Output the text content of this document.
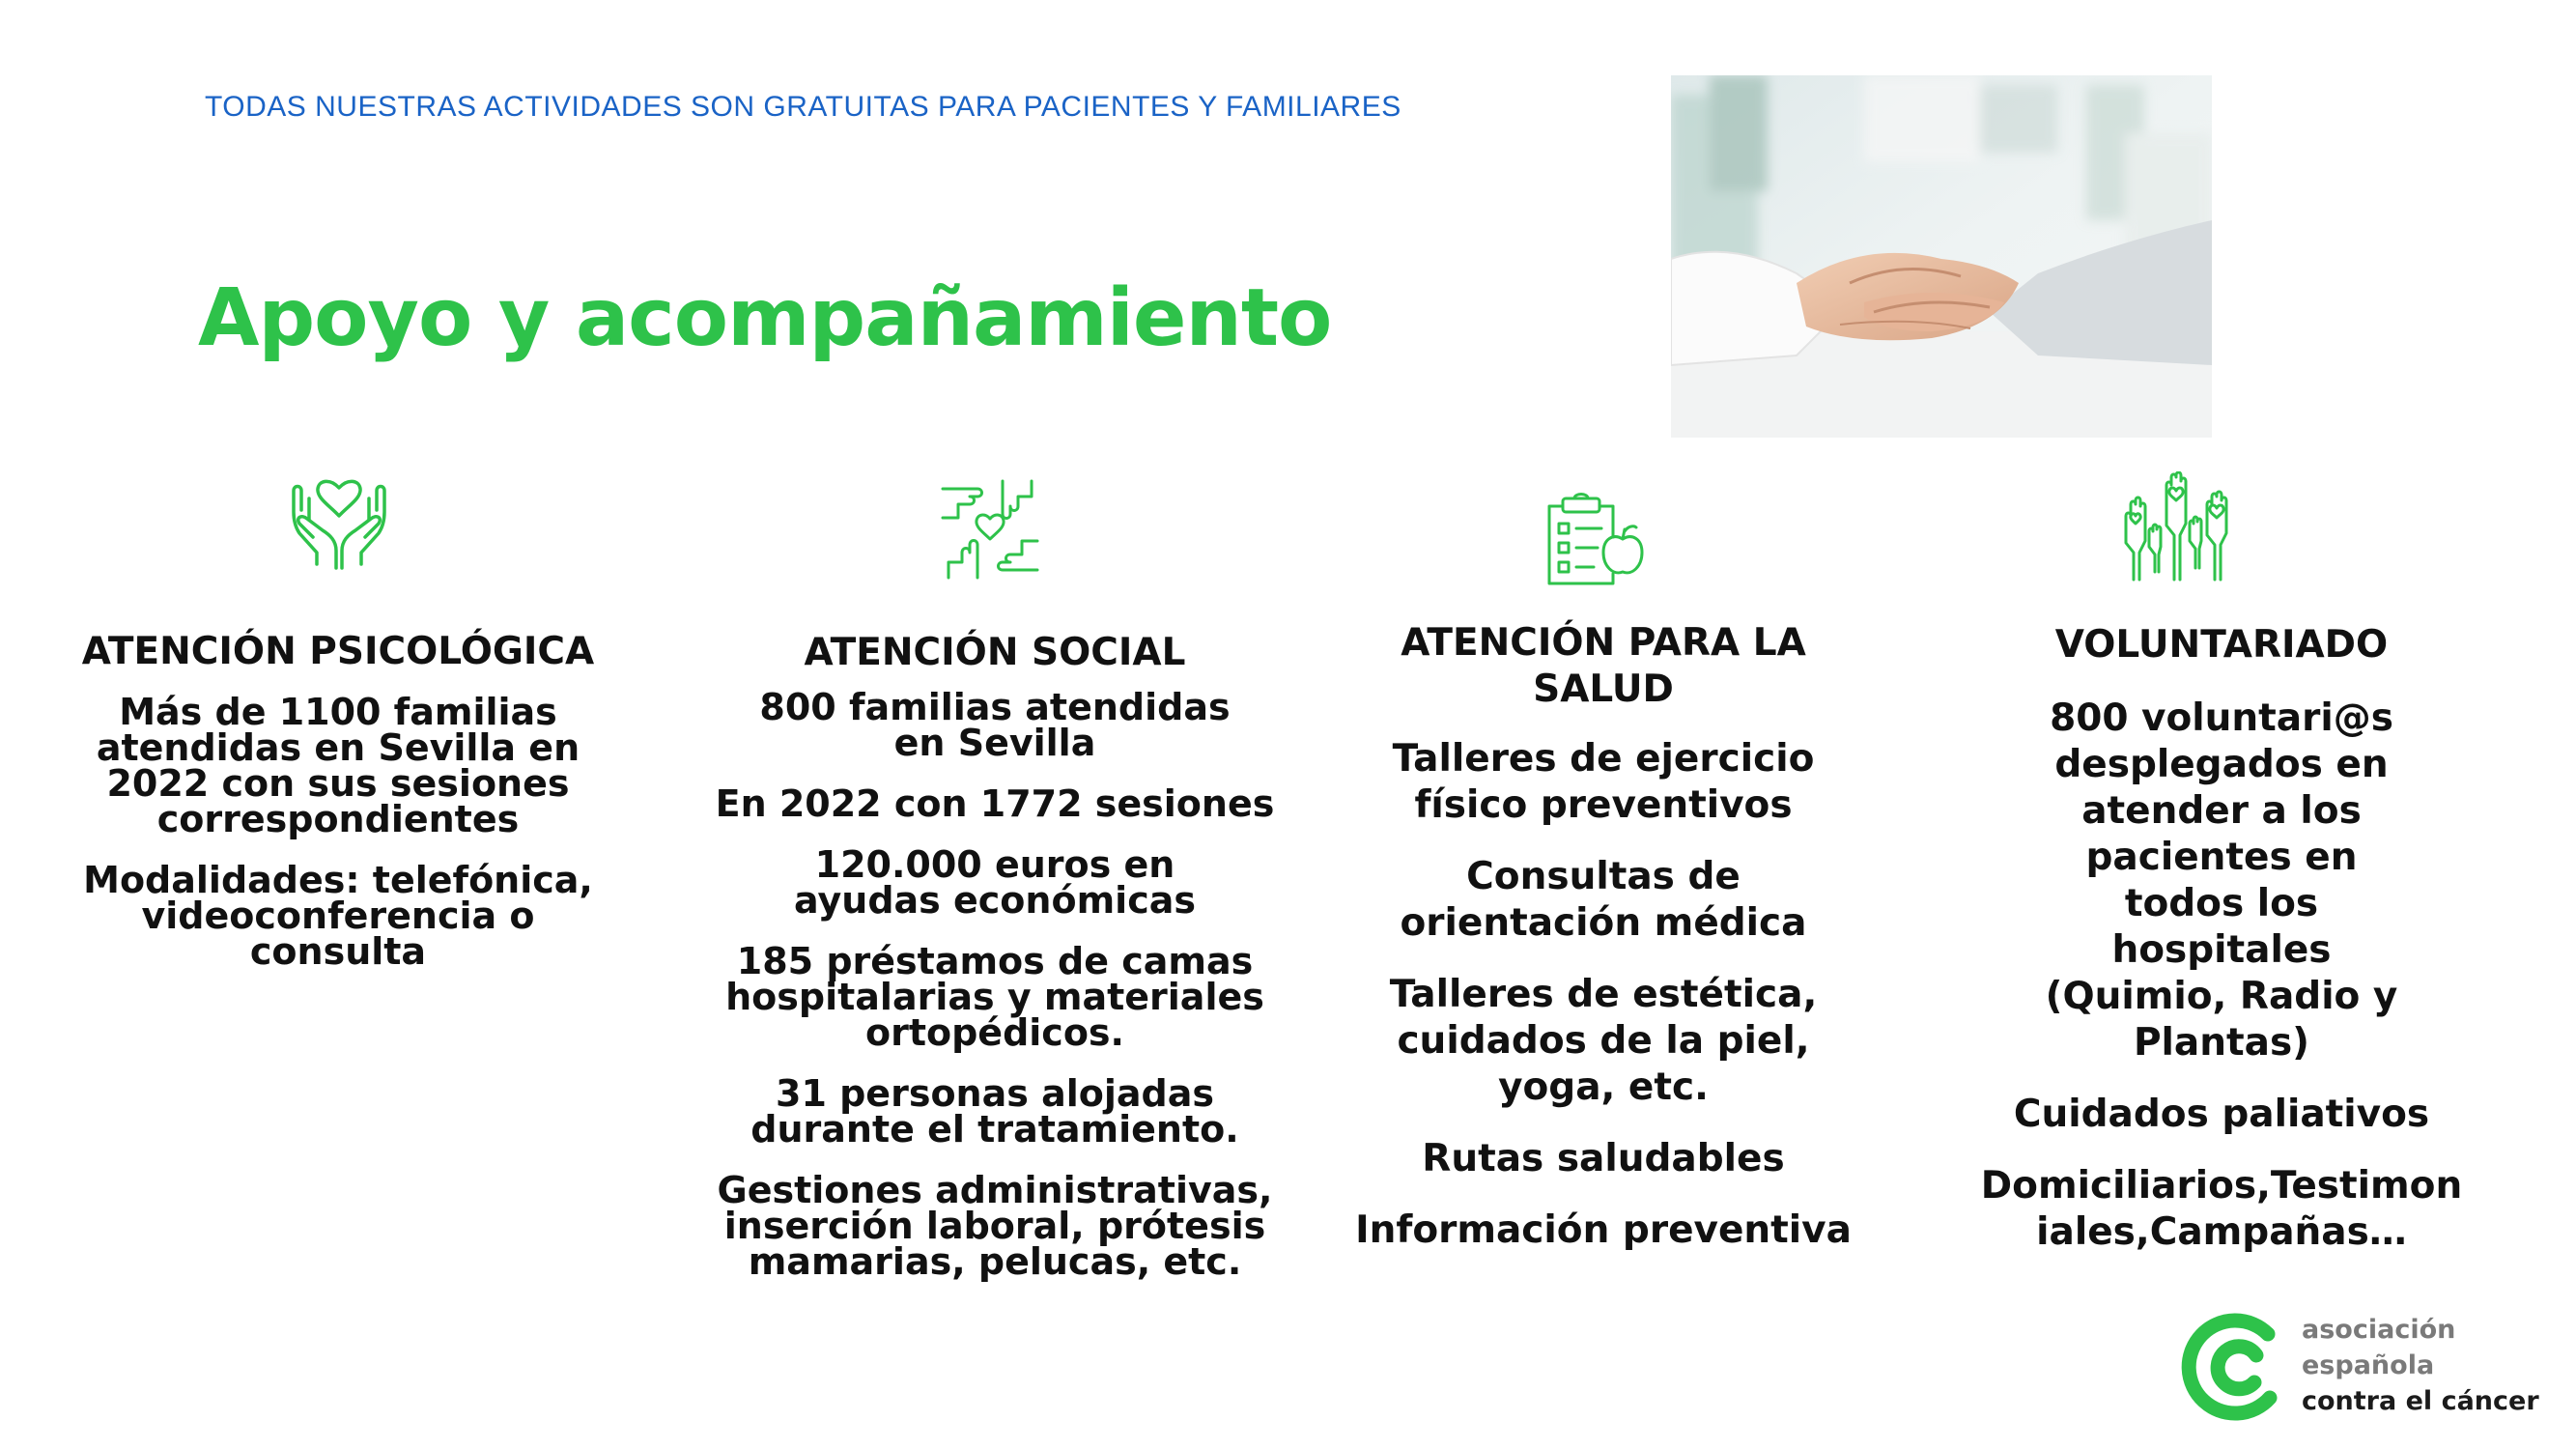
TODAS NUESTRAS ACTIVIDADES SON GRATUITAS PARA PACIENTES Y FAMILIARES
Apoyo y acompañamiento

ATENCIÓN PSICOLÓGICA

Más de 1100 familias atendidas en Sevilla en 2022 con sus sesiones correspondientes

Modalidades: telefónica, videoconferencia o consulta

ATENCIÓN SOCIAL

800 familias atendidas en Sevilla

En 2022 con 1772 sesiones

120.000 euros en ayudas económicas

185 préstamos de camas hospitalarias y materiales ortopédicos.

31 personas alojadas durante el tratamiento.

Gestiones administrativas, inserción laboral, prótesis mamarias, pelucas, etc.

ATENCIÓN PARA LA SALUD

Talleres de ejercicio físico preventivos

Consultas de orientación médica

Talleres de estética, cuidados de la piel, yoga, etc.

Rutas saludables

Información preventiva

VOLUNTARIADO

800 voluntari@s desplegados en atender a los pacientes en todos los hospitales (Quimio, Radio y Plantas)

Cuidados paliativos

Domiciliarios,Testimoniales,Campañas…

asociación
española
contra el cáncer
